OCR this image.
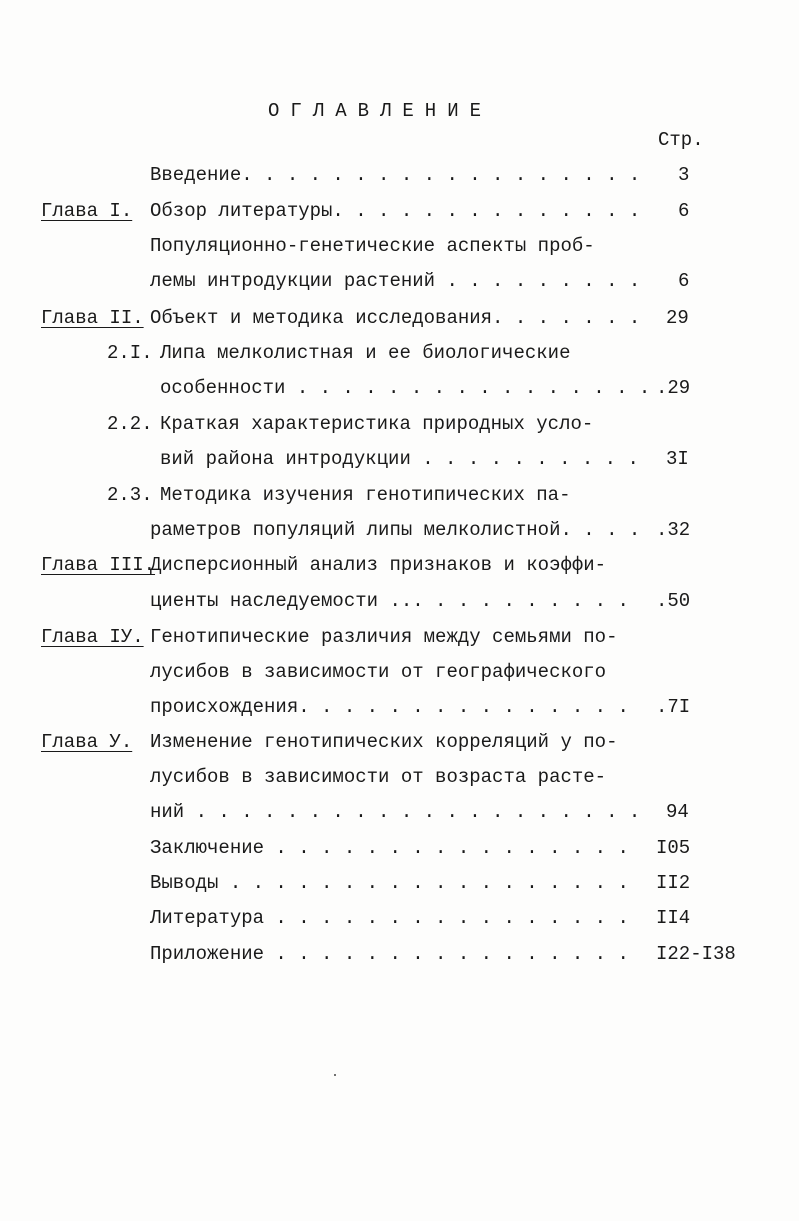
ОГЛАВЛЕНИЕ
Стр.
Введение. . . . . . . . . . . . . . . . . . 3
Глава I. Обзор литературы. . . . . . . . . . . . . . 6
Популяционно-генетические аспекты проб-
лемы интродукции растений . . . . . . . . . 6
Глава II. Объект и методика исследования. . . . . . . 29
2.I. Липа мелколистная и ее биологические
особенности . . . . . . . . . . . . . . . . .29
2.2. Краткая характеристика природных усло-
вий района интродукции . . . . . . . . . . 3I
2.3. Методика изучения генотипических па-
раметров популяций липы мелколистной. . . . .32
Глава III.
Дисперсионный анализ признаков и коэффи-
циенты наследуемости ... . . . . . . . . . .50
Глава IУ. Генотипические различия между семьями по-
лусибов в зависимости от географического
происхождения. . . . . . . . . . . . . . . .7I
Глава У. Изменение генотипических корреляций у по-
лусибов в зависимости от возраста расте-
ний . . . . . . . . . . . . . . . . . . . . 94
Заключение . . . . . . . . . . . . . . . . I05
Выводы . . . . . . . . . . . . . . . . . . II2
Литература . . . . . . . . . . . . . . . . II4
Приложение . . . . . . . . . . . . . . . . I22-I38
